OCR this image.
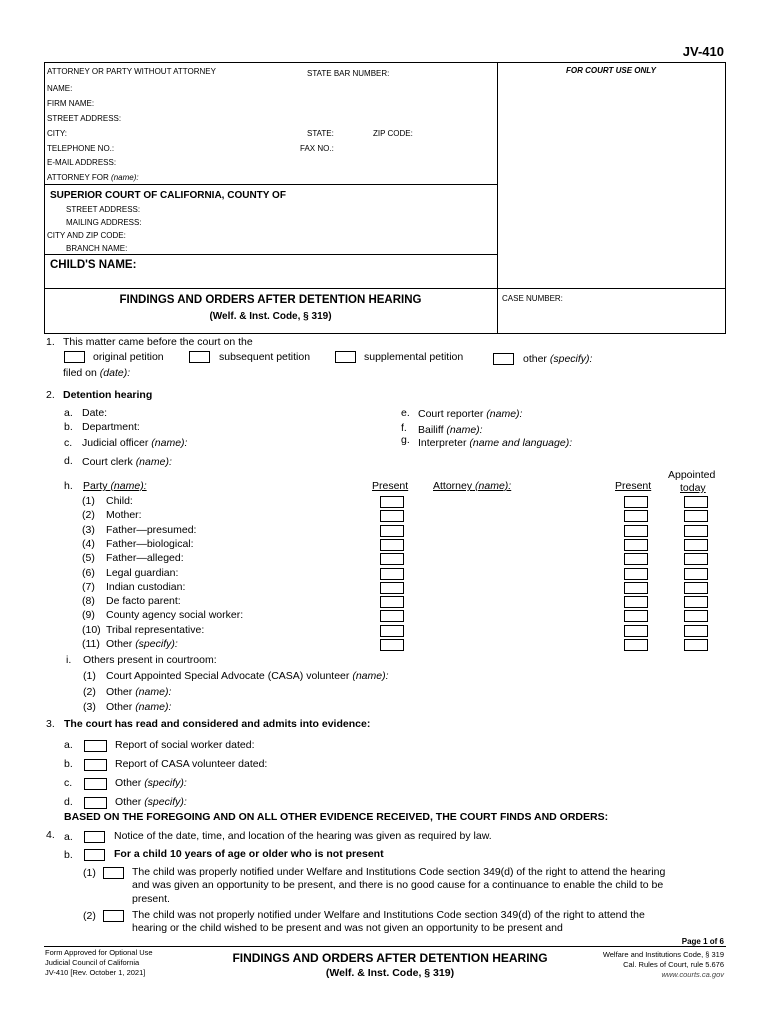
JV-410
ATTORNEY OR PARTY WITHOUT ATTORNEY	STATE BAR NUMBER:	FOR COURT USE ONLY
NAME:
FIRM NAME:
STREET ADDRESS:
CITY:	STATE:	ZIP CODE:
TELEPHONE NO.:	FAX NO.:
E-MAIL ADDRESS:
ATTORNEY FOR (name):
SUPERIOR COURT OF CALIFORNIA, COUNTY OF
STREET ADDRESS:
MAILING ADDRESS:
CITY AND ZIP CODE:
BRANCH NAME:
CHILD'S NAME:
FINDINGS AND ORDERS AFTER DETENTION HEARING
(Welf. & Inst. Code, § 319)
CASE NUMBER:
1. This matter came before the court on the
original petition	subsequent petition	supplemental petition	other (specify):
filed on (date):
2. Detention hearing
a. Date:
b. Department:
c. Judicial officer (name):
d. Court clerk (name):
e. Court reporter (name):
f. Bailiff (name):
g. Interpreter (name and language):
h. Party (name):	Present Attorney (name):	Present
Appointed
today
(1) Child:
(2) Mother:
(3) Father—presumed:
(4) Father—biological:
(5) Father—alleged:
(6) Legal guardian:
(7) Indian custodian:
(8) De facto parent:
(9) County agency social worker:
(10) Tribal representative:
(11) Other (specify):
i. Others present in courtroom:
(1) Court Appointed Special Advocate (CASA) volunteer (name):
(2) Other (name):
(3) Other (name):
3. The court has read and considered and admits into evidence:
a.	Report of social worker dated:
b.	Report of CASA volunteer dated:
c.	Other (specify):
d.	Other (specify):
BASED ON THE FOREGOING AND ON ALL OTHER EVIDENCE RECEIVED, THE COURT FINDS AND ORDERS:
4. a.	Notice of the date, time, and location of the hearing was given as required by law.
b.	For a child 10 years of age or older who is not present
(1)	The child was properly notified under Welfare and Institutions Code section 349(d) of the right to attend the hearing
and was given an opportunity to be present, and there is no good cause for a continuance to enable the child to be
present.
(2)	The child was not properly notified under Welfare and Institutions Code section 349(d) of the right to attend the
hearing or the child wished to be present and was not given an opportunity to be present and
Page 1 of 6
Form Approved for Optional Use
Judicial Council of California
JV-410 [Rev. October 1, 2021]
FINDINGS AND ORDERS AFTER DETENTION HEARING
(Welf. & Inst. Code, § 319)
Welfare and Institutions Code, § 319
Cal. Rules of Court, rule 5.676
www.courts.ca.gov
